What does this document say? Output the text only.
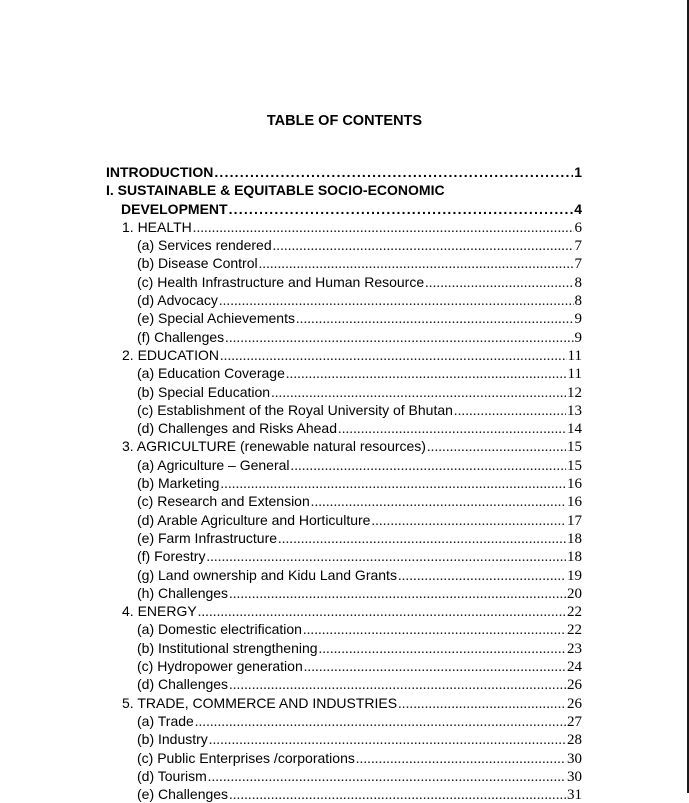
TABLE OF CONTENTS
INTRODUCTION .....	1
I. SUSTAINABLE & EQUITABLE SOCIO-ECONOMIC
DEVELOPMENT .....	4
1. HEALTH .....	6
(a) Services rendered .....	7
(b) Disease Control .....	7
(c) Health Infrastructure and Human Resource .....	8
(d) Advocacy .....	8
(e) Special Achievements .....	9
(f) Challenges .....	9
2. EDUCATION .....	11
(a) Education Coverage .....	11
(b) Special Education .....	12
(c) Establishment of the Royal University of Bhutan .....	13
(d) Challenges and Risks Ahead .....	14
3. AGRICULTURE (renewable natural resources) .....	15
(a) Agriculture – General .....	15
(b) Marketing .....	16
(c) Research and Extension .....	16
(d) Arable Agriculture and Horticulture .....	17
(e) Farm Infrastructure .....	18
(f) Forestry .....	18
(g) Land ownership and Kidu Land Grants .....	19
(h) Challenges .....	20
4. ENERGY .....	22
(a) Domestic electrification .....	22
(b) Institutional strengthening .....	23
(c) Hydropower generation .....	24
(d) Challenges .....	26
5. TRADE, COMMERCE AND INDUSTRIES .....	26
(a) Trade .....	27
(b) Industry .....	28
(c) Public Enterprises /corporations .....	30
(d) Tourism .....	30
(e) Challenges .....	31
